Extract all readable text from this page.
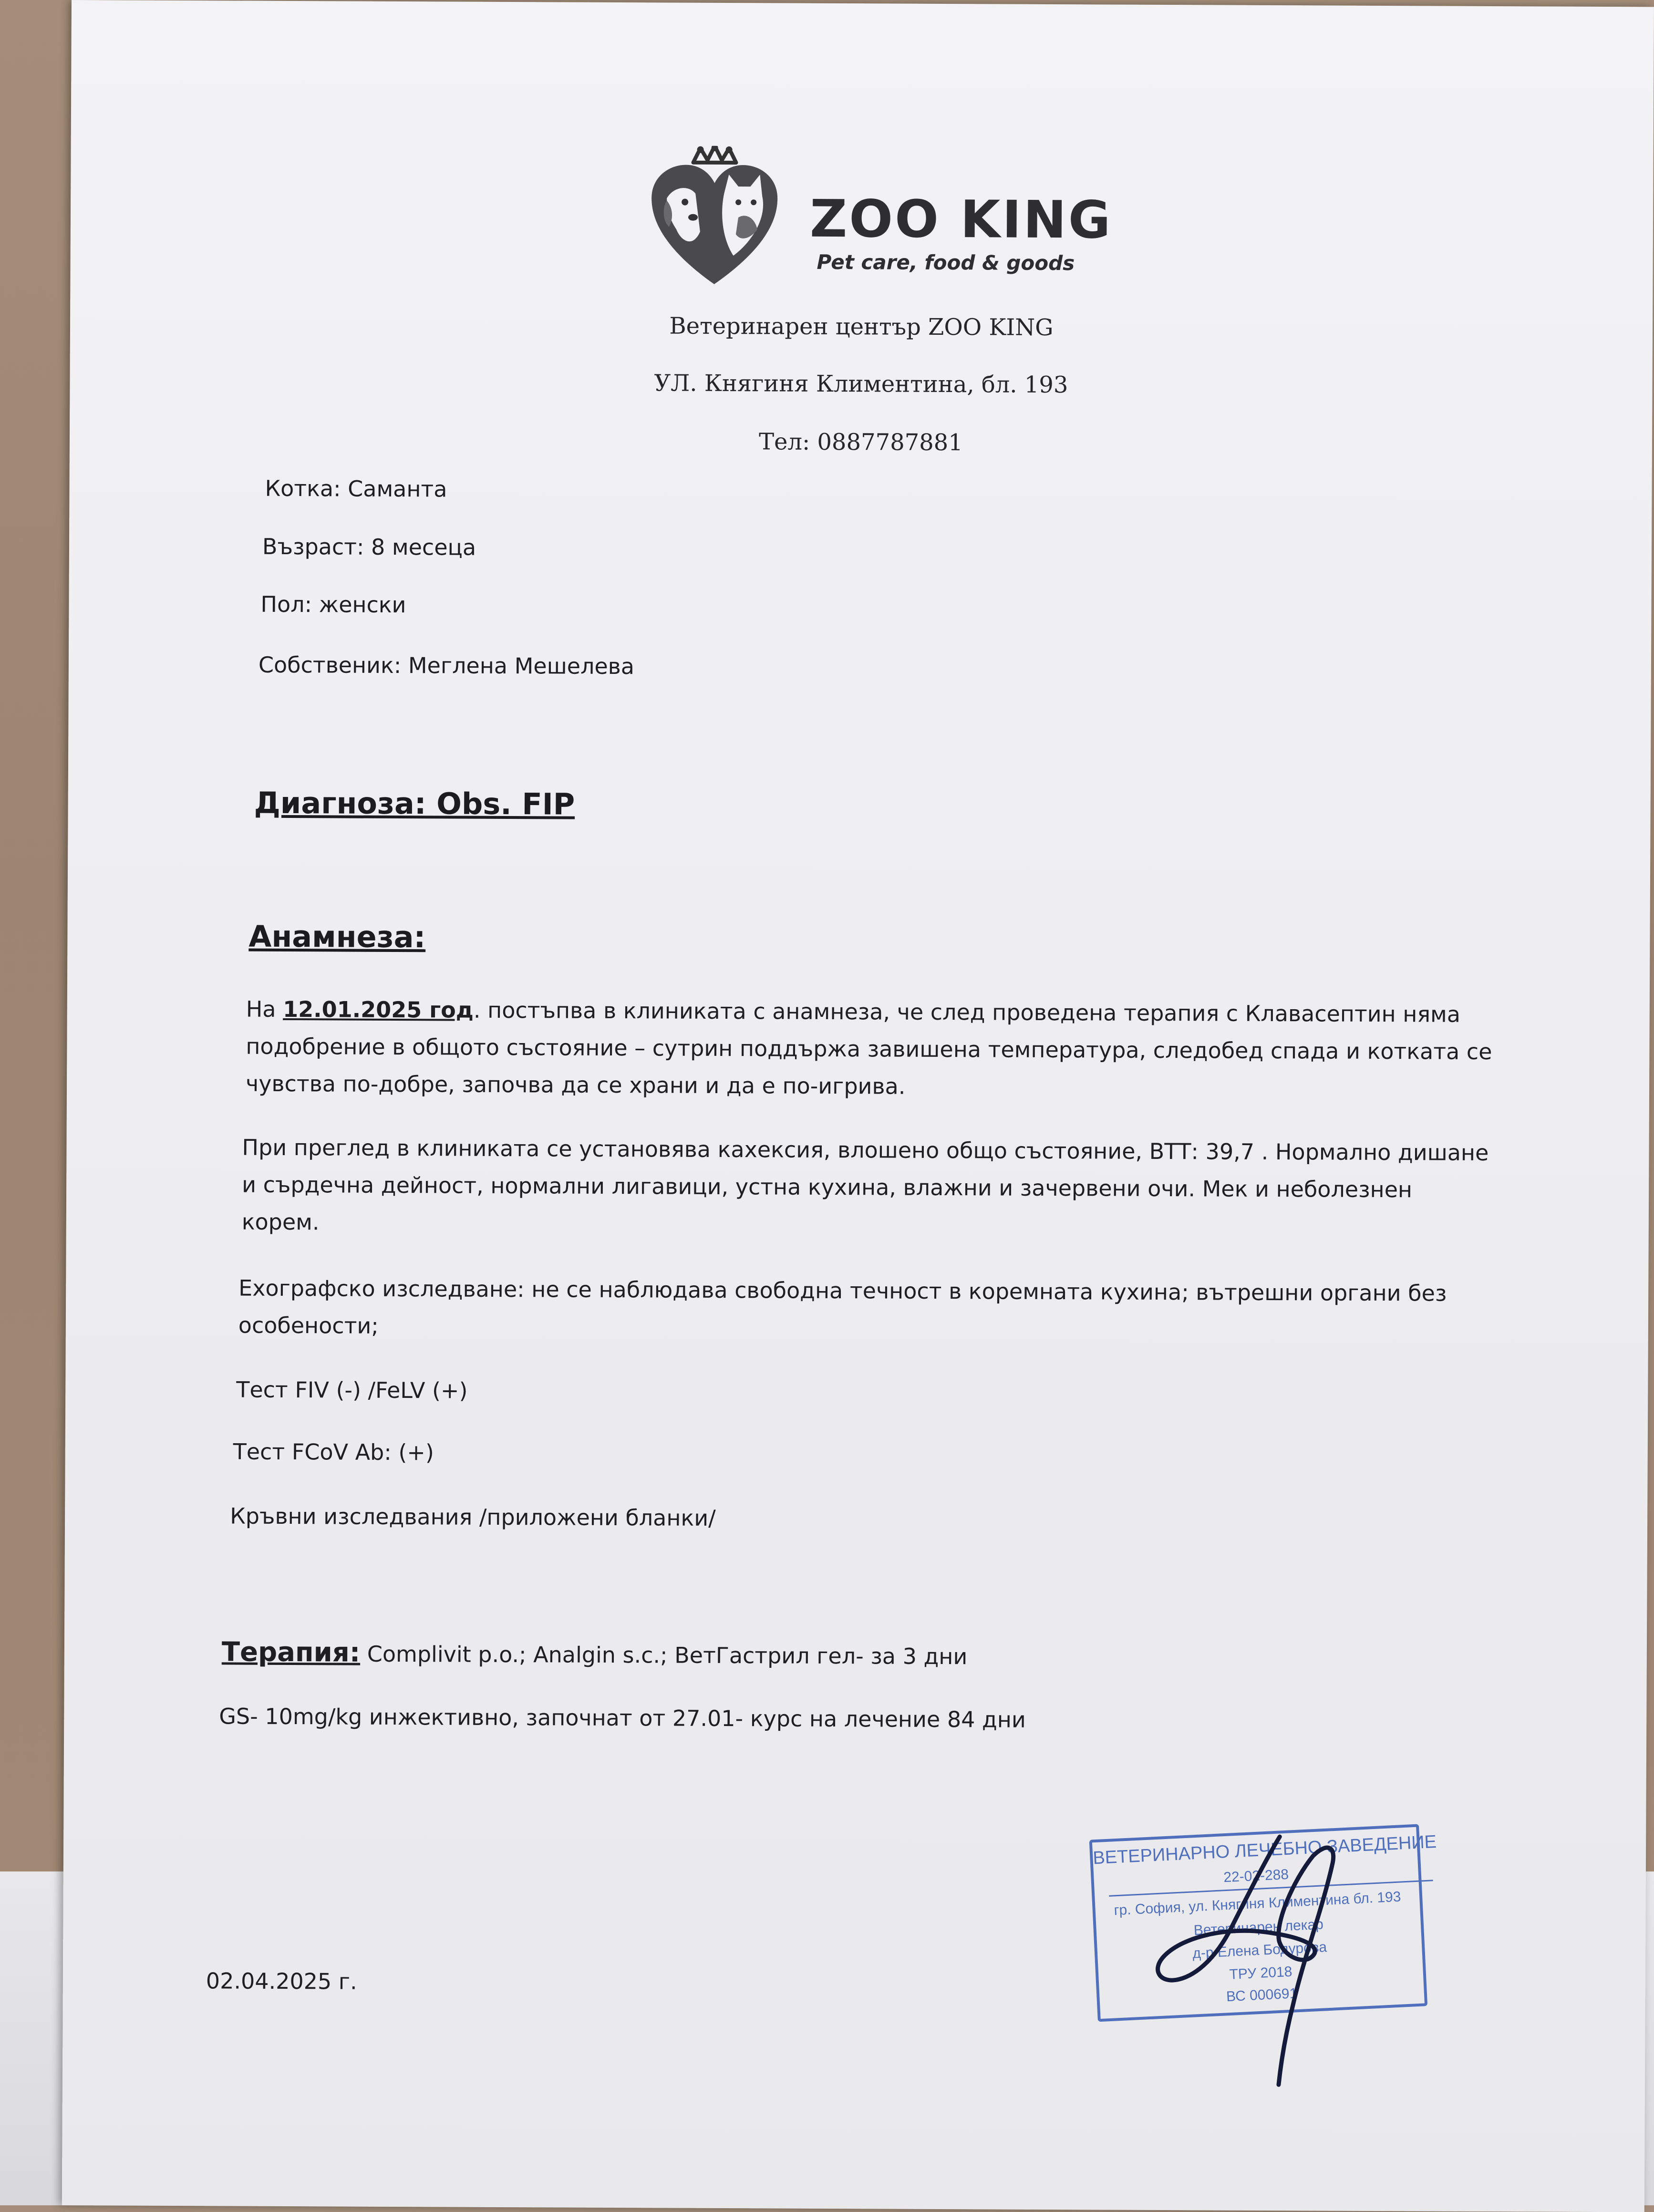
ZOO KING
Pet care, food & goods
Ветеринарен център ZOO KING
УЛ. Княгиня Климентина, бл. 193
Тел: 0887787881
Котка: Саманта
Възраст: 8 месеца
Пол: женски
Собственик: Меглена Мешелева
Диагноза: Obs. FIP
Анамнеза:
На 12.01.2025 год. постъпва в клиниката с анамнеза, че след проведена терапия с Клавасептин няма
подобрение в общото състояние – сутрин поддържа завишена температура, следобед спада и котката се
чувства по-добре, започва да се храни и да е по-игрива.
При преглед в клиниката се установява кахексия, влошено общо състояние, ВТТ: 39,7 . Нормално дишане
и сърдечна дейност, нормални лигавици, устна кухина, влажни и зачервени очи. Мек и неболезнен
корем.
Ехографско изследване: не се наблюдава свободна течност в коремната кухина; вътрешни органи без
особености;
Тест FIV (-) /FeLV (+)
Тест FCoV Ab: (+)
Кръвни изследвания /приложени бланки/
Терапия: Complivit p.o.; Analgin s.c.; ВетГастрил гел- за 3 дни
GS- 10mg/kg инжективно, започнат от 27.01- курс на лечение 84 дни
02.04.2025 г.
ВЕТЕРИНАРНО ЛЕЧЕБНО ЗАВЕДЕНИЕ
22-02-288
гр. София, ул. Княгиня Климентина бл. 193
Ветеринарен лекар
д-р Елена Бодурова
ТРУ 2018
ВС 000691
